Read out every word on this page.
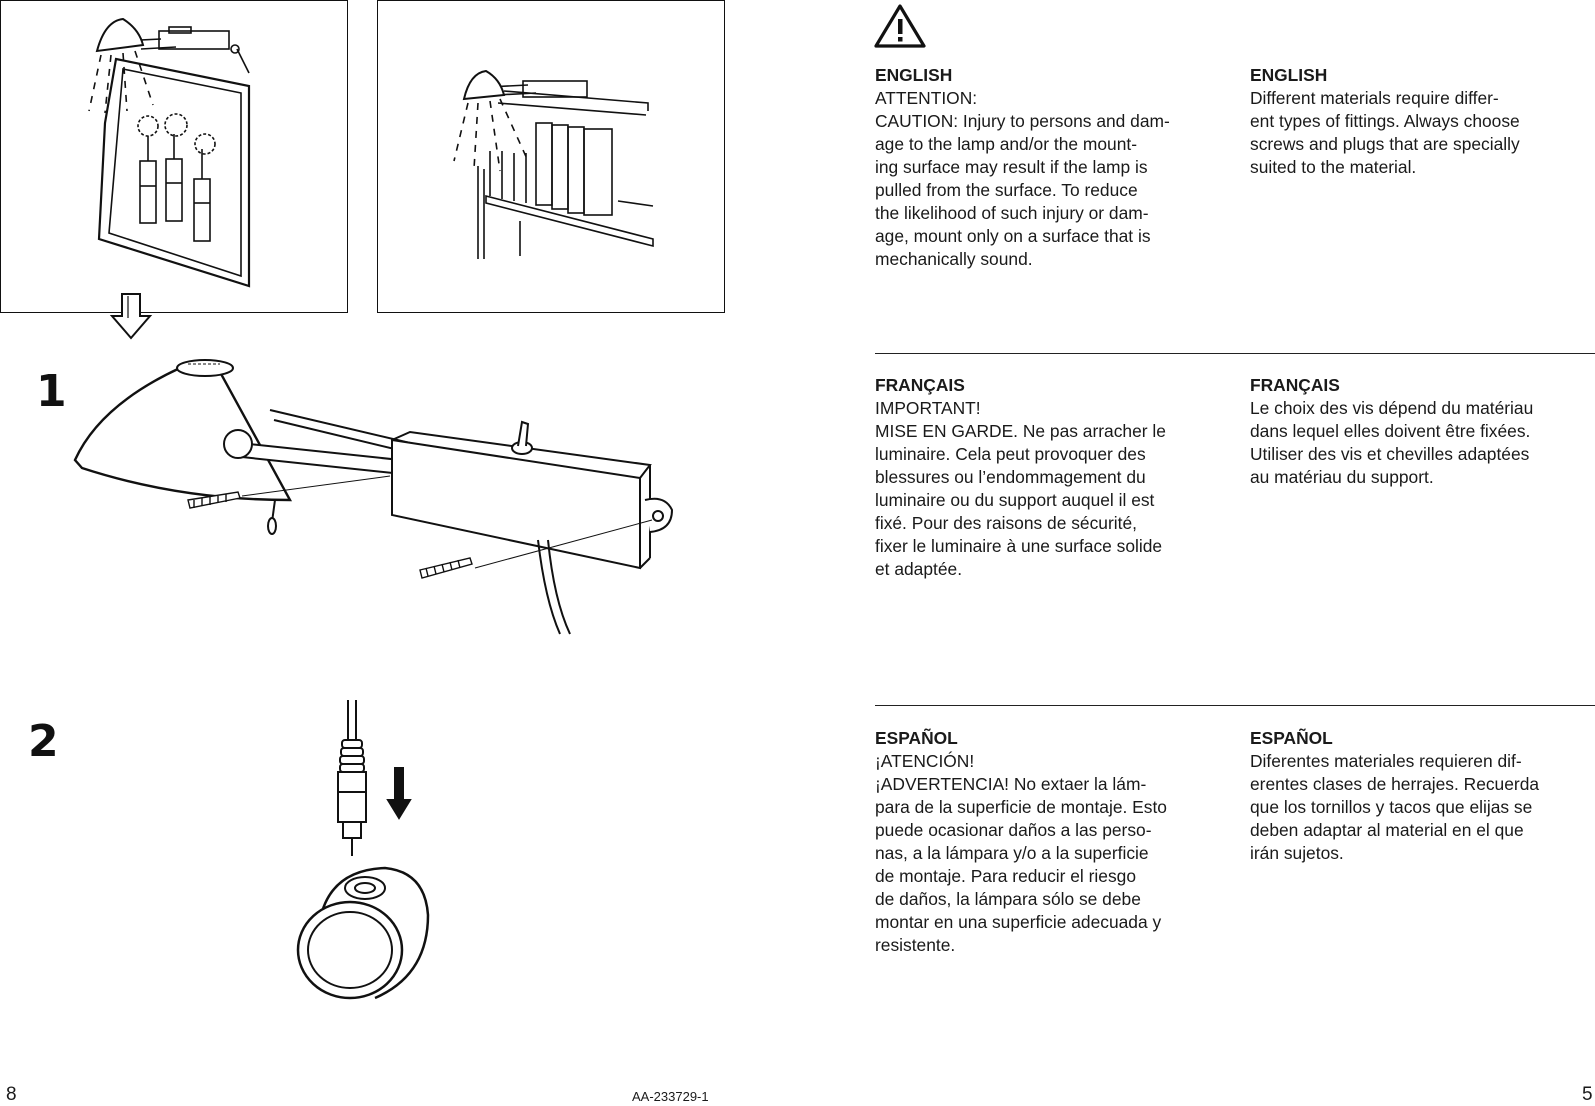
1
2
ENGLISH
ATTENTION:
CAUTION: Injury to persons and dam-
age to the lamp and/or the mount-
ing surface may result if the lamp is
pulled from the surface. To reduce
the likelihood of such injury or dam-
age, mount only on a surface that is
mechanically sound.
ENGLISH
Different materials require differ-
ent types of fittings. Always choose
screws and plugs that are specially
suited to the material.
FRANÇAIS
IMPORTANT!
MISE EN GARDE. Ne pas arracher le
luminaire. Cela peut provoquer des
blessures ou l’endommagement du
luminaire ou du support auquel il est
fixé. Pour des raisons de sécurité,
fixer le luminaire à une surface solide
et adaptée.
FRANÇAIS
Le choix des vis dépend du matériau
dans lequel elles doivent être fixées.
Utiliser des vis et chevilles adaptées
au matériau du support.
ESPAÑOL
¡ATENCIÓN!
¡ADVERTENCIA! No extaer la lám-
para de la superficie de montaje. Esto
puede ocasionar daños a las perso-
nas, a la lámpara y/o a la superficie
de montaje. Para reducir el riesgo
de daños, la lámpara sólo se debe
montar en una superficie adecuada y
resistente.
ESPAÑOL
Diferentes materiales requieren dif-
erentes clases de herrajes. Recuerda
que los tornillos y tacos que elijas se
deben adaptar al material en el que
irán sujetos.
8	AA-233729-1	5
